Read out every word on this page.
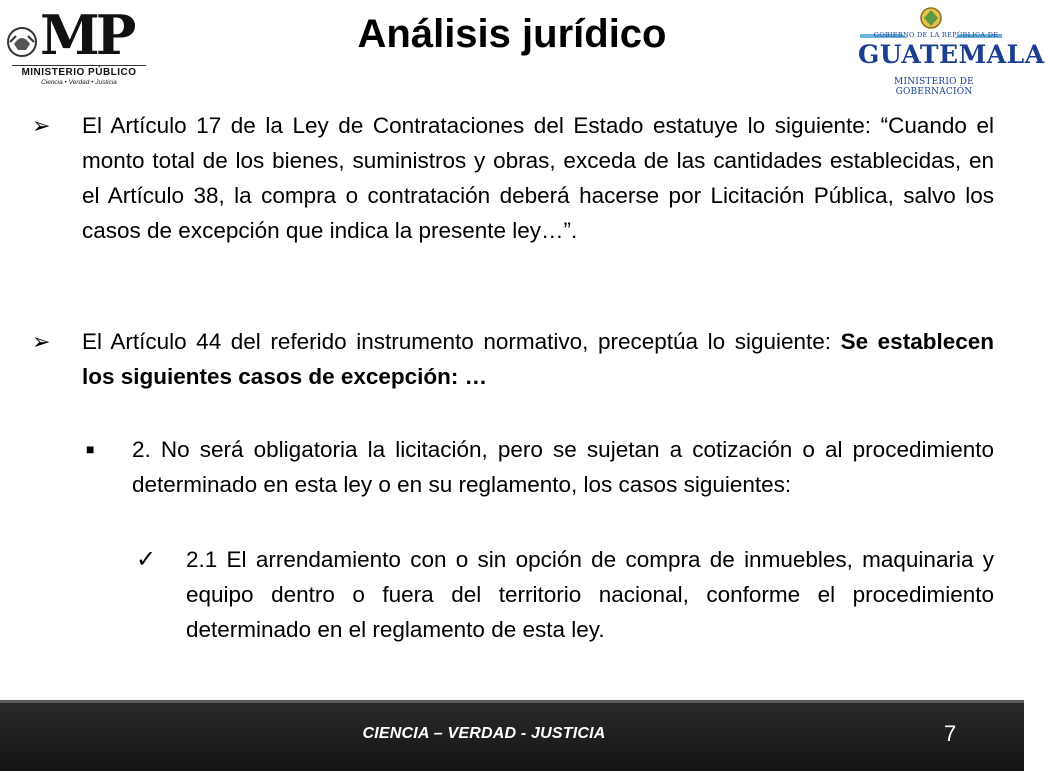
MP
MINISTERIO PÚBLICO
Ciencia • Verdad • Justicia
Análisis jurídico	GOBIERNO DE LA REPÚBLICA DE
GUATEMALA
MINISTERIO DE GOBERNACIÓN
➢ El Artículo 17 de la Ley de Contrataciones del Estado estatuye lo siguiente: “Cuando el monto total de los bienes, suministros y obras, exceda de las cantidades establecidas, en el Artículo 38, la compra o contratación deberá hacerse por Licitación Pública, salvo los casos de excepción que indica la presente ley…”.
➢ El Artículo 44 del referido instrumento normativo, preceptúa lo siguiente: Se establecen los siguientes casos de excepción: …
■ 2. No será obligatoria la licitación, pero se sujetan a cotización o al procedimiento determinado en esta ley o en su reglamento, los casos siguientes:
✓ 2.1 El arrendamiento con o sin opción de compra de inmuebles, maquinaria y equipo dentro o fuera del territorio nacional, conforme el procedimiento determinado en el reglamento de esta ley.
CIENCIA – VERDAD - JUSTICIA	7
